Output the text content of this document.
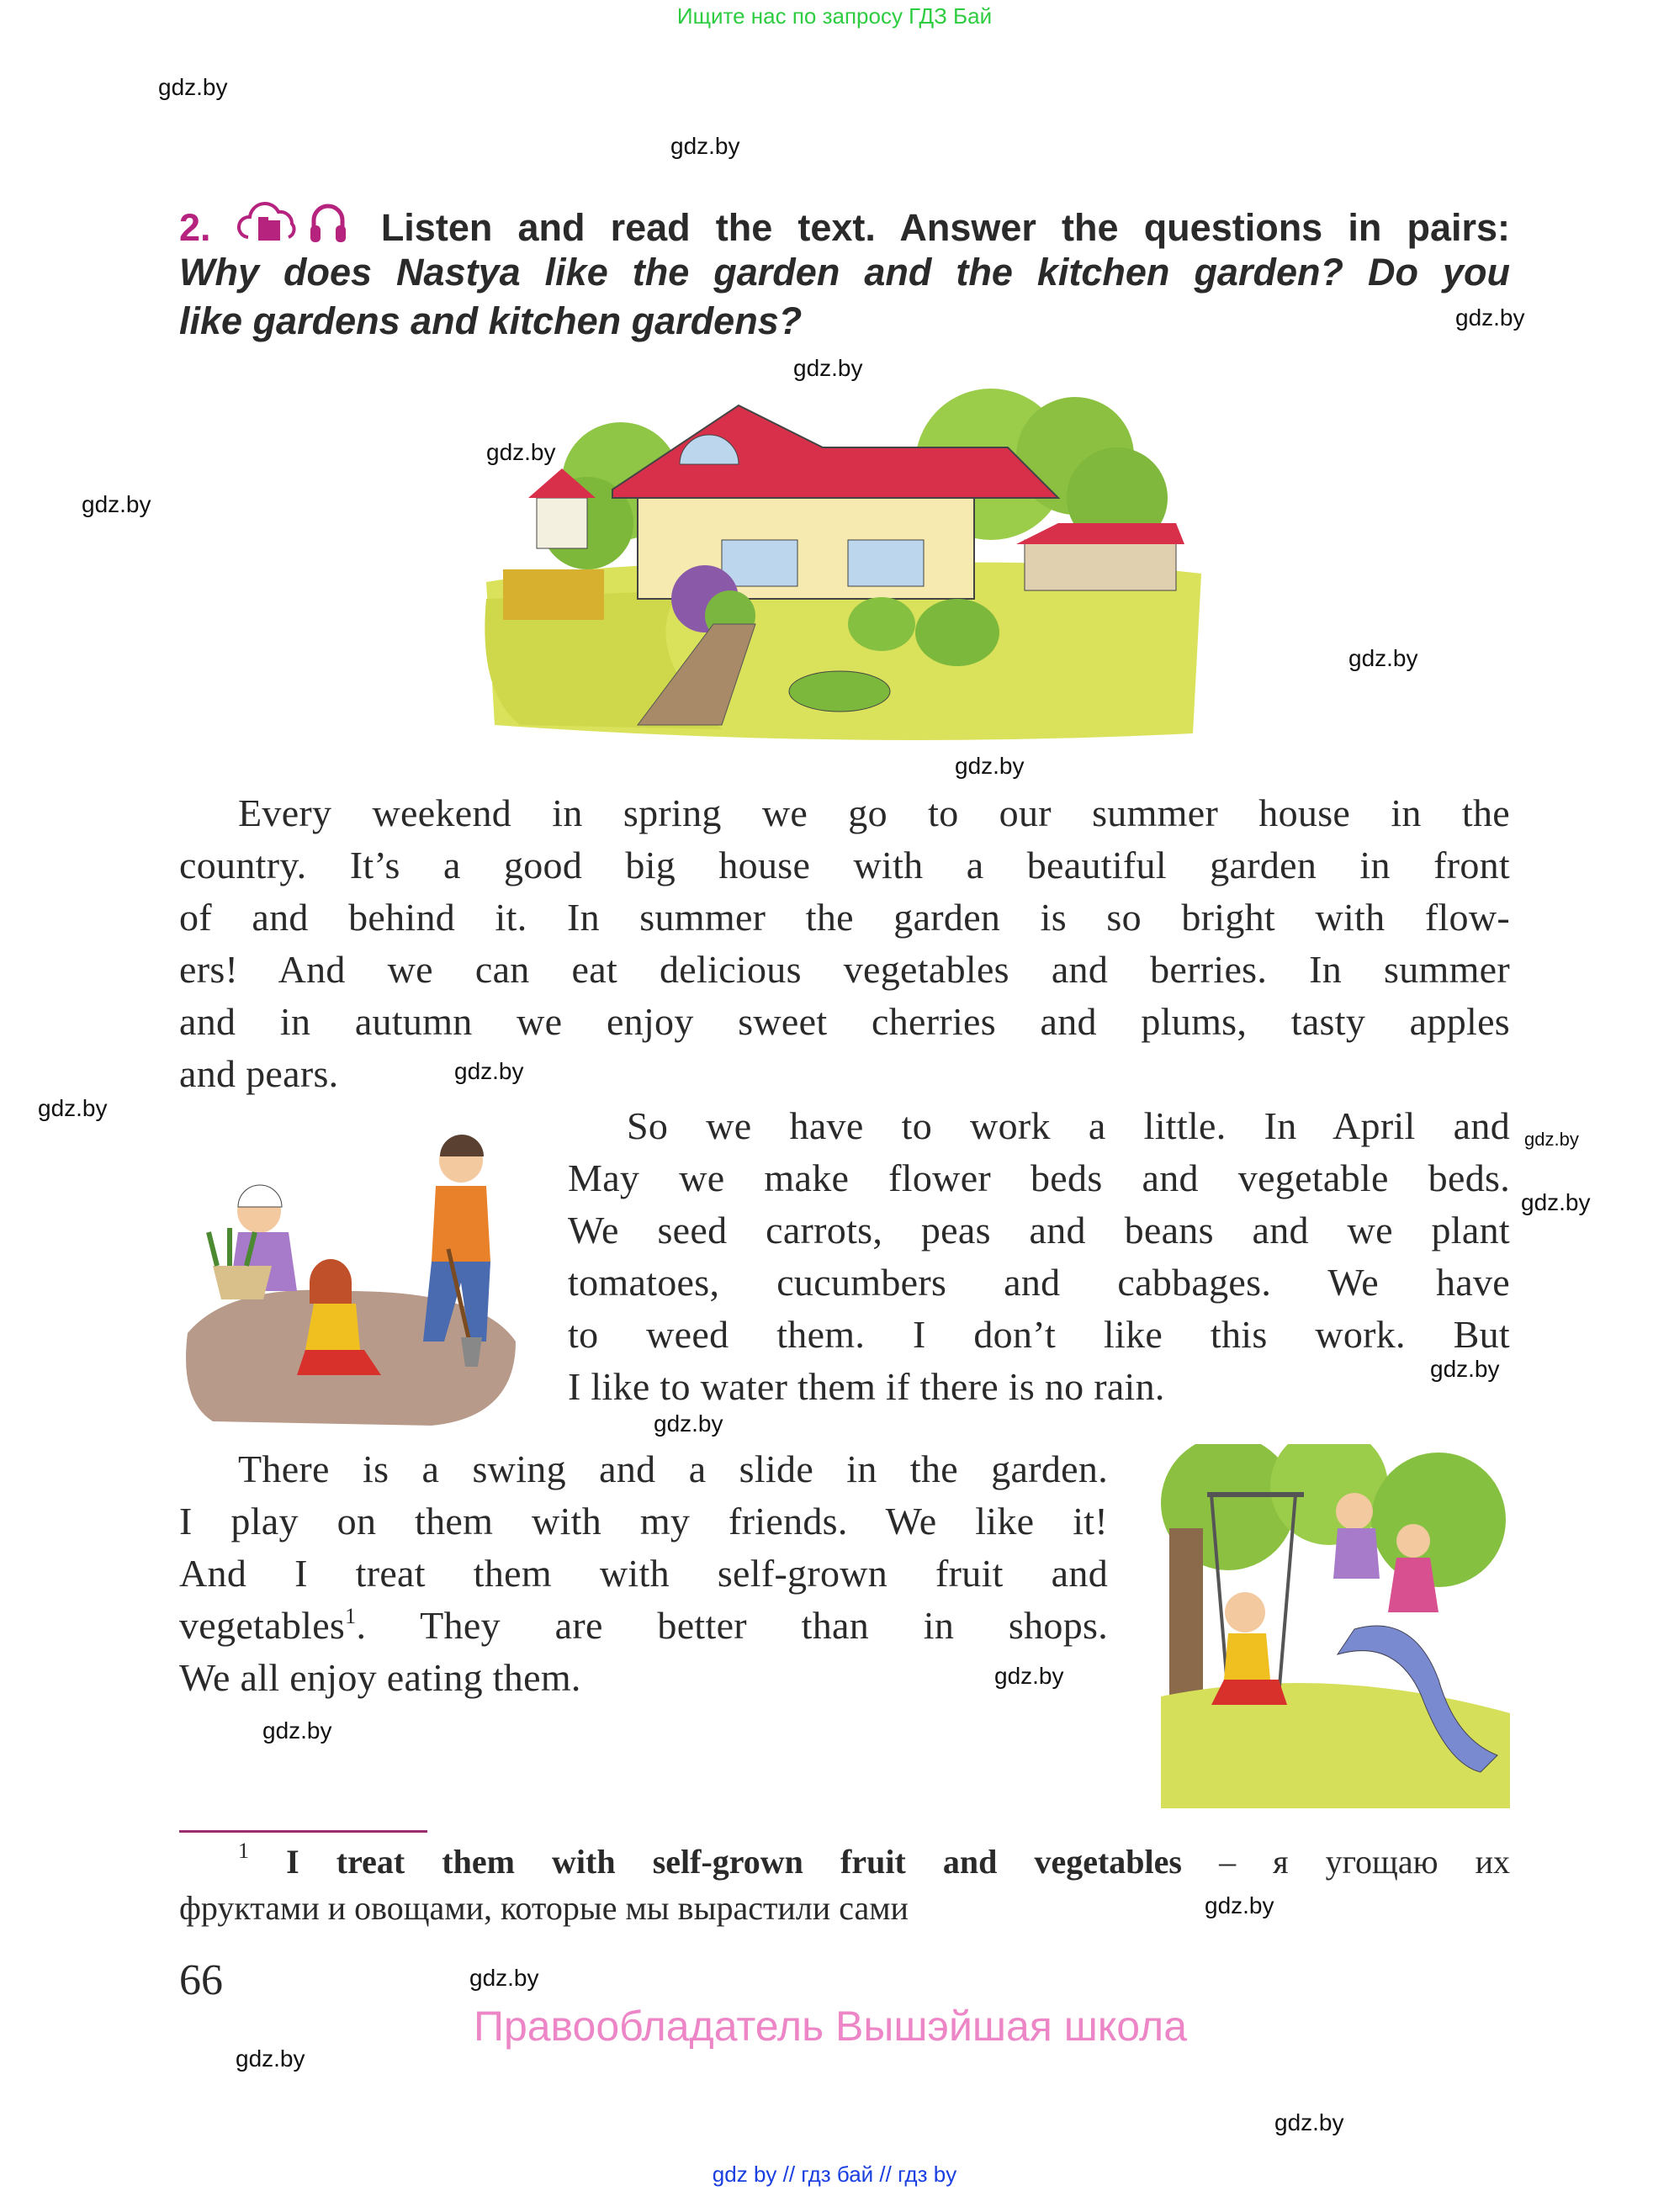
Ищите нас по запросу ГДЗ Бай
2.	Listen and read the text. Answer the questions in pairs:
Why does Nastya like the garden and the kitchen garden? Do you
like gardens and kitchen gardens?
Every weekend in spring we go to our summer house in the
country. It’s a good big house with a beautiful garden in front
of and behind it. In summer the garden is so bright with flow-
ers! And we can eat delicious vegetables and berries. In summer
and in autumn we enjoy sweet cherries and plums, tasty apples
and pears.
So we have to work a little. In April and
May we make flower beds and vegetable beds.
We seed carrots, peas and beans and we plant
tomatoes, cucumbers and cabbages. We have
to weed them. I don’t like this work. But
I like to water them if there is no rain.
There is a swing and a slide in the garden.
I play on them with my friends. We like it!
And I treat them with self-grown fruit and
vegetables$^1$. They are better than in shops.
We all enjoy eating them.
$^1$ I treat them with self-grown fruit and vegetables – я угощаю их
фруктами и овощами, которые мы вырастили сами
66
Правообладатель Вышэйшая школа
gdz by // гдз бай // гдз by
gdz.by
gdz.by
gdz.by
gdz.by
gdz.by
gdz.by
gdz.by
gdz.by
gdz.by
gdz.by
gdz.by
gdz.by
gdz.by
gdz.by
gdz.by
gdz.by
gdz.by
gdz.by
gdz.by
gdz.by
